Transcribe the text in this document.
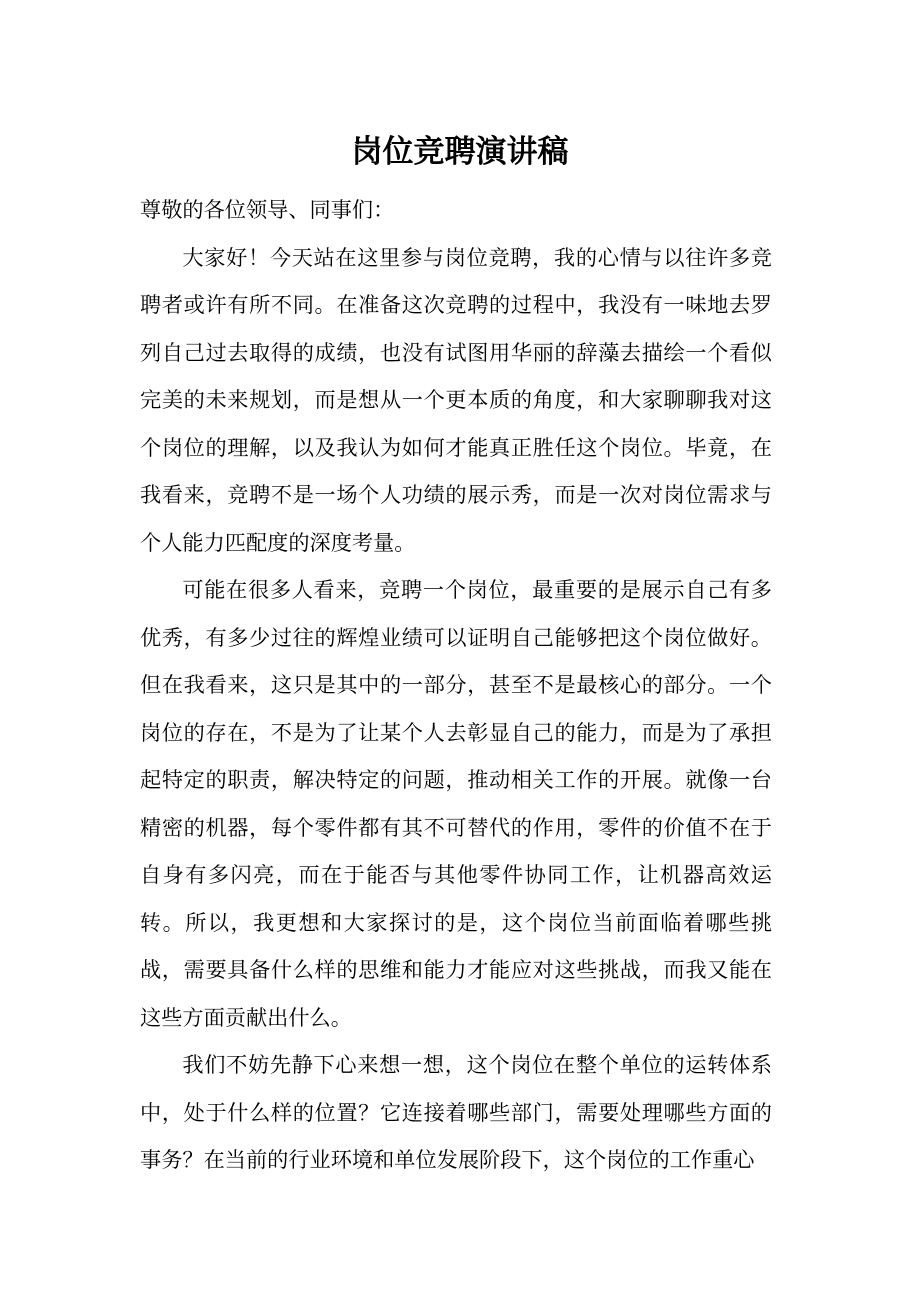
岗位竞聘演讲稿

尊敬的各位领导、同事们：

大家好！今天站在这里参与岗位竞聘，我的心情与以往许多竞聘者或许有所不同。在准备这次竞聘的过程中，我没有一味地去罗列自己过去取得的成绩，也没有试图用华丽的辞藻去描绘一个看似完美的未来规划，而是想从一个更本质的角度，和大家聊聊我对这个岗位的理解，以及我认为如何才能真正胜任这个岗位。毕竟，在我看来，竞聘不是一场个人功绩的展示秀，而是一次对岗位需求与个人能力匹配度的深度考量。

可能在很多人看来，竞聘一个岗位，最重要的是展示自己有多优秀，有多少过往的辉煌业绩可以证明自己能够把这个岗位做好。但在我看来，这只是其中的一部分，甚至不是最核心的部分。一个岗位的存在，不是为了让某个人去彰显自己的能力，而是为了承担起特定的职责，解决特定的问题，推动相关工作的开展。就像一台精密的机器，每个零件都有其不可替代的作用，零件的价值不在于自身有多闪亮，而在于能否与其他零件协同工作，让机器高效运转。所以，我更想和大家探讨的是，这个岗位当前面临着哪些挑战，需要具备什么样的思维和能力才能应对这些挑战，而我又能在这些方面贡献出什么。

我们不妨先静下心来想一想，这个岗位在整个单位的运转体系中，处于什么样的位置？它连接着哪些部门，需要处理哪些方面的事务？在当前的行业环境和单位发展阶段下，这个岗位的工作重心
